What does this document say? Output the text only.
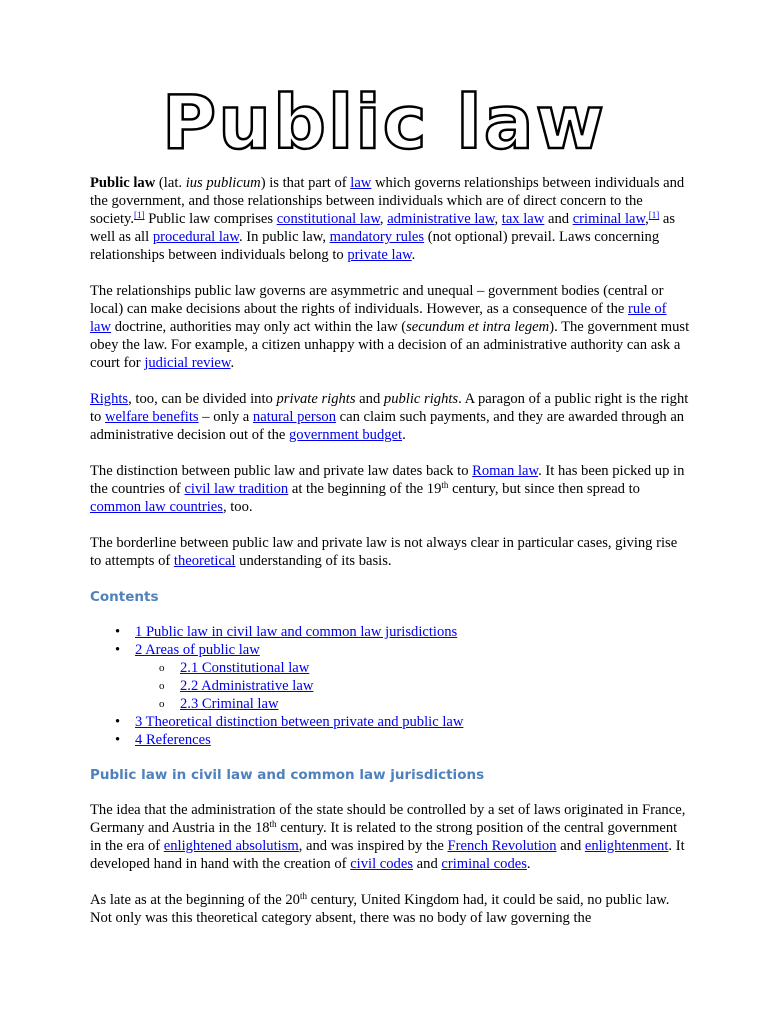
Public law

Public law (lat. ius publicum) is that part of law which governs relationships between individuals and the government, and those relationships between individuals which are of direct concern to the society.[1] Public law comprises constitutional law, administrative law, tax law and criminal law,[1] as well as all procedural law. In public law, mandatory rules (not optional) prevail. Laws concerning relationships between individuals belong to private law.

The relationships public law governs are asymmetric and unequal – government bodies (central or local) can make decisions about the rights of individuals. However, as a consequence of the rule of law doctrine, authorities may only act within the law (secundum et intra legem). The government must obey the law. For example, a citizen unhappy with a decision of an administrative authority can ask a court for judicial review.

Rights, too, can be divided into private rights and public rights. A paragon of a public right is the right to welfare benefits – only a natural person can claim such payments, and they are awarded through an administrative decision out of the government budget.

The distinction between public law and private law dates back to Roman law. It has been picked up in the countries of civil law tradition at the beginning of the 19th century, but since then spread to common law countries, too.

The borderline between public law and private law is not always clear in particular cases, giving rise to attempts of theoretical understanding of its basis.

Contents
• 1 Public law in civil law and common law jurisdictions
• 2 Areas of public law
o 2.1 Constitutional law
o 2.2 Administrative law
o 2.3 Criminal law
• 3 Theoretical distinction between private and public law
• 4 References
Public law in civil law and common law jurisdictions

The idea that the administration of the state should be controlled by a set of laws originated in France, Germany and Austria in the 18th century. It is related to the strong position of the central government in the era of enlightened absolutism, and was inspired by the French Revolution and enlightenment. It developed hand in hand with the creation of civil codes and criminal codes.

As late as at the beginning of the 20th century, United Kingdom had, it could be said, no public law. Not only was this theoretical category absent, there was no body of law governing the
